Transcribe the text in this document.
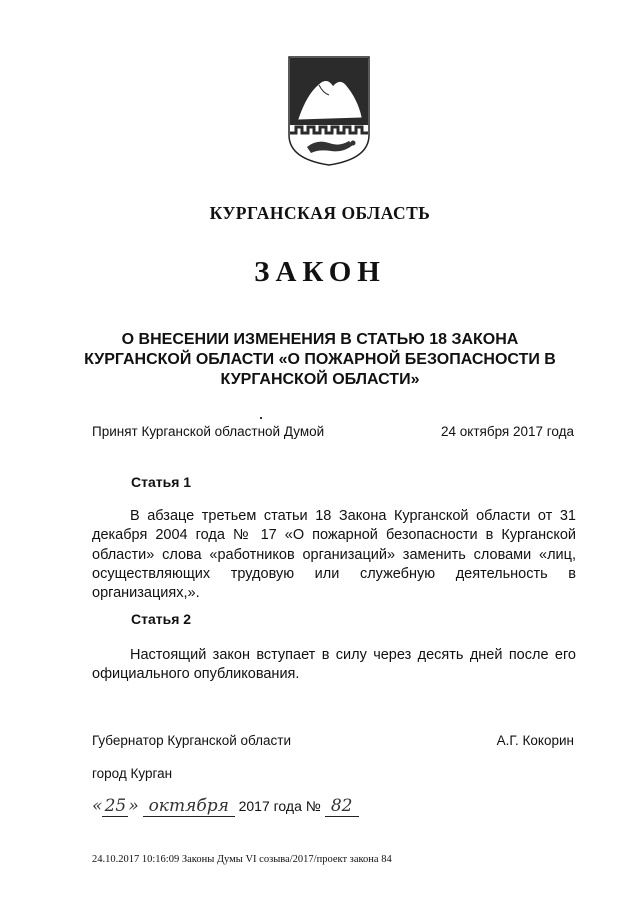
КУРГАНСКАЯ ОБЛАСТЬ
ЗАКОН
О ВНЕСЕНИИ ИЗМЕНЕНИЯ В СТАТЬЮ 18 ЗАКОНА КУРГАНСКОЙ ОБЛАСТИ «О ПОЖАРНОЙ БЕЗОПАСНОСТИ В КУРГАНСКОЙ ОБЛАСТИ»
Принят Курганской областной Думой	24 октября 2017 года
Статья 1
В абзаце третьем статьи 18 Закона Курганской области от 31 декабря 2004 года № 17 «О пожарной безопасности в Курганской области» слова «работников организаций» заменить словами «лиц, осуществляющих трудовую или служебную деятельность в организациях,».
Статья 2
Настоящий закон вступает в силу через десять дней после его официального опубликования.
Губернатор Курганской области	А.Г. Кокорин
город Курган
« 25 » октября 2017 года № 82
24.10.2017 10:16:09 Законы Думы VI созыва/2017/проект закона 84
